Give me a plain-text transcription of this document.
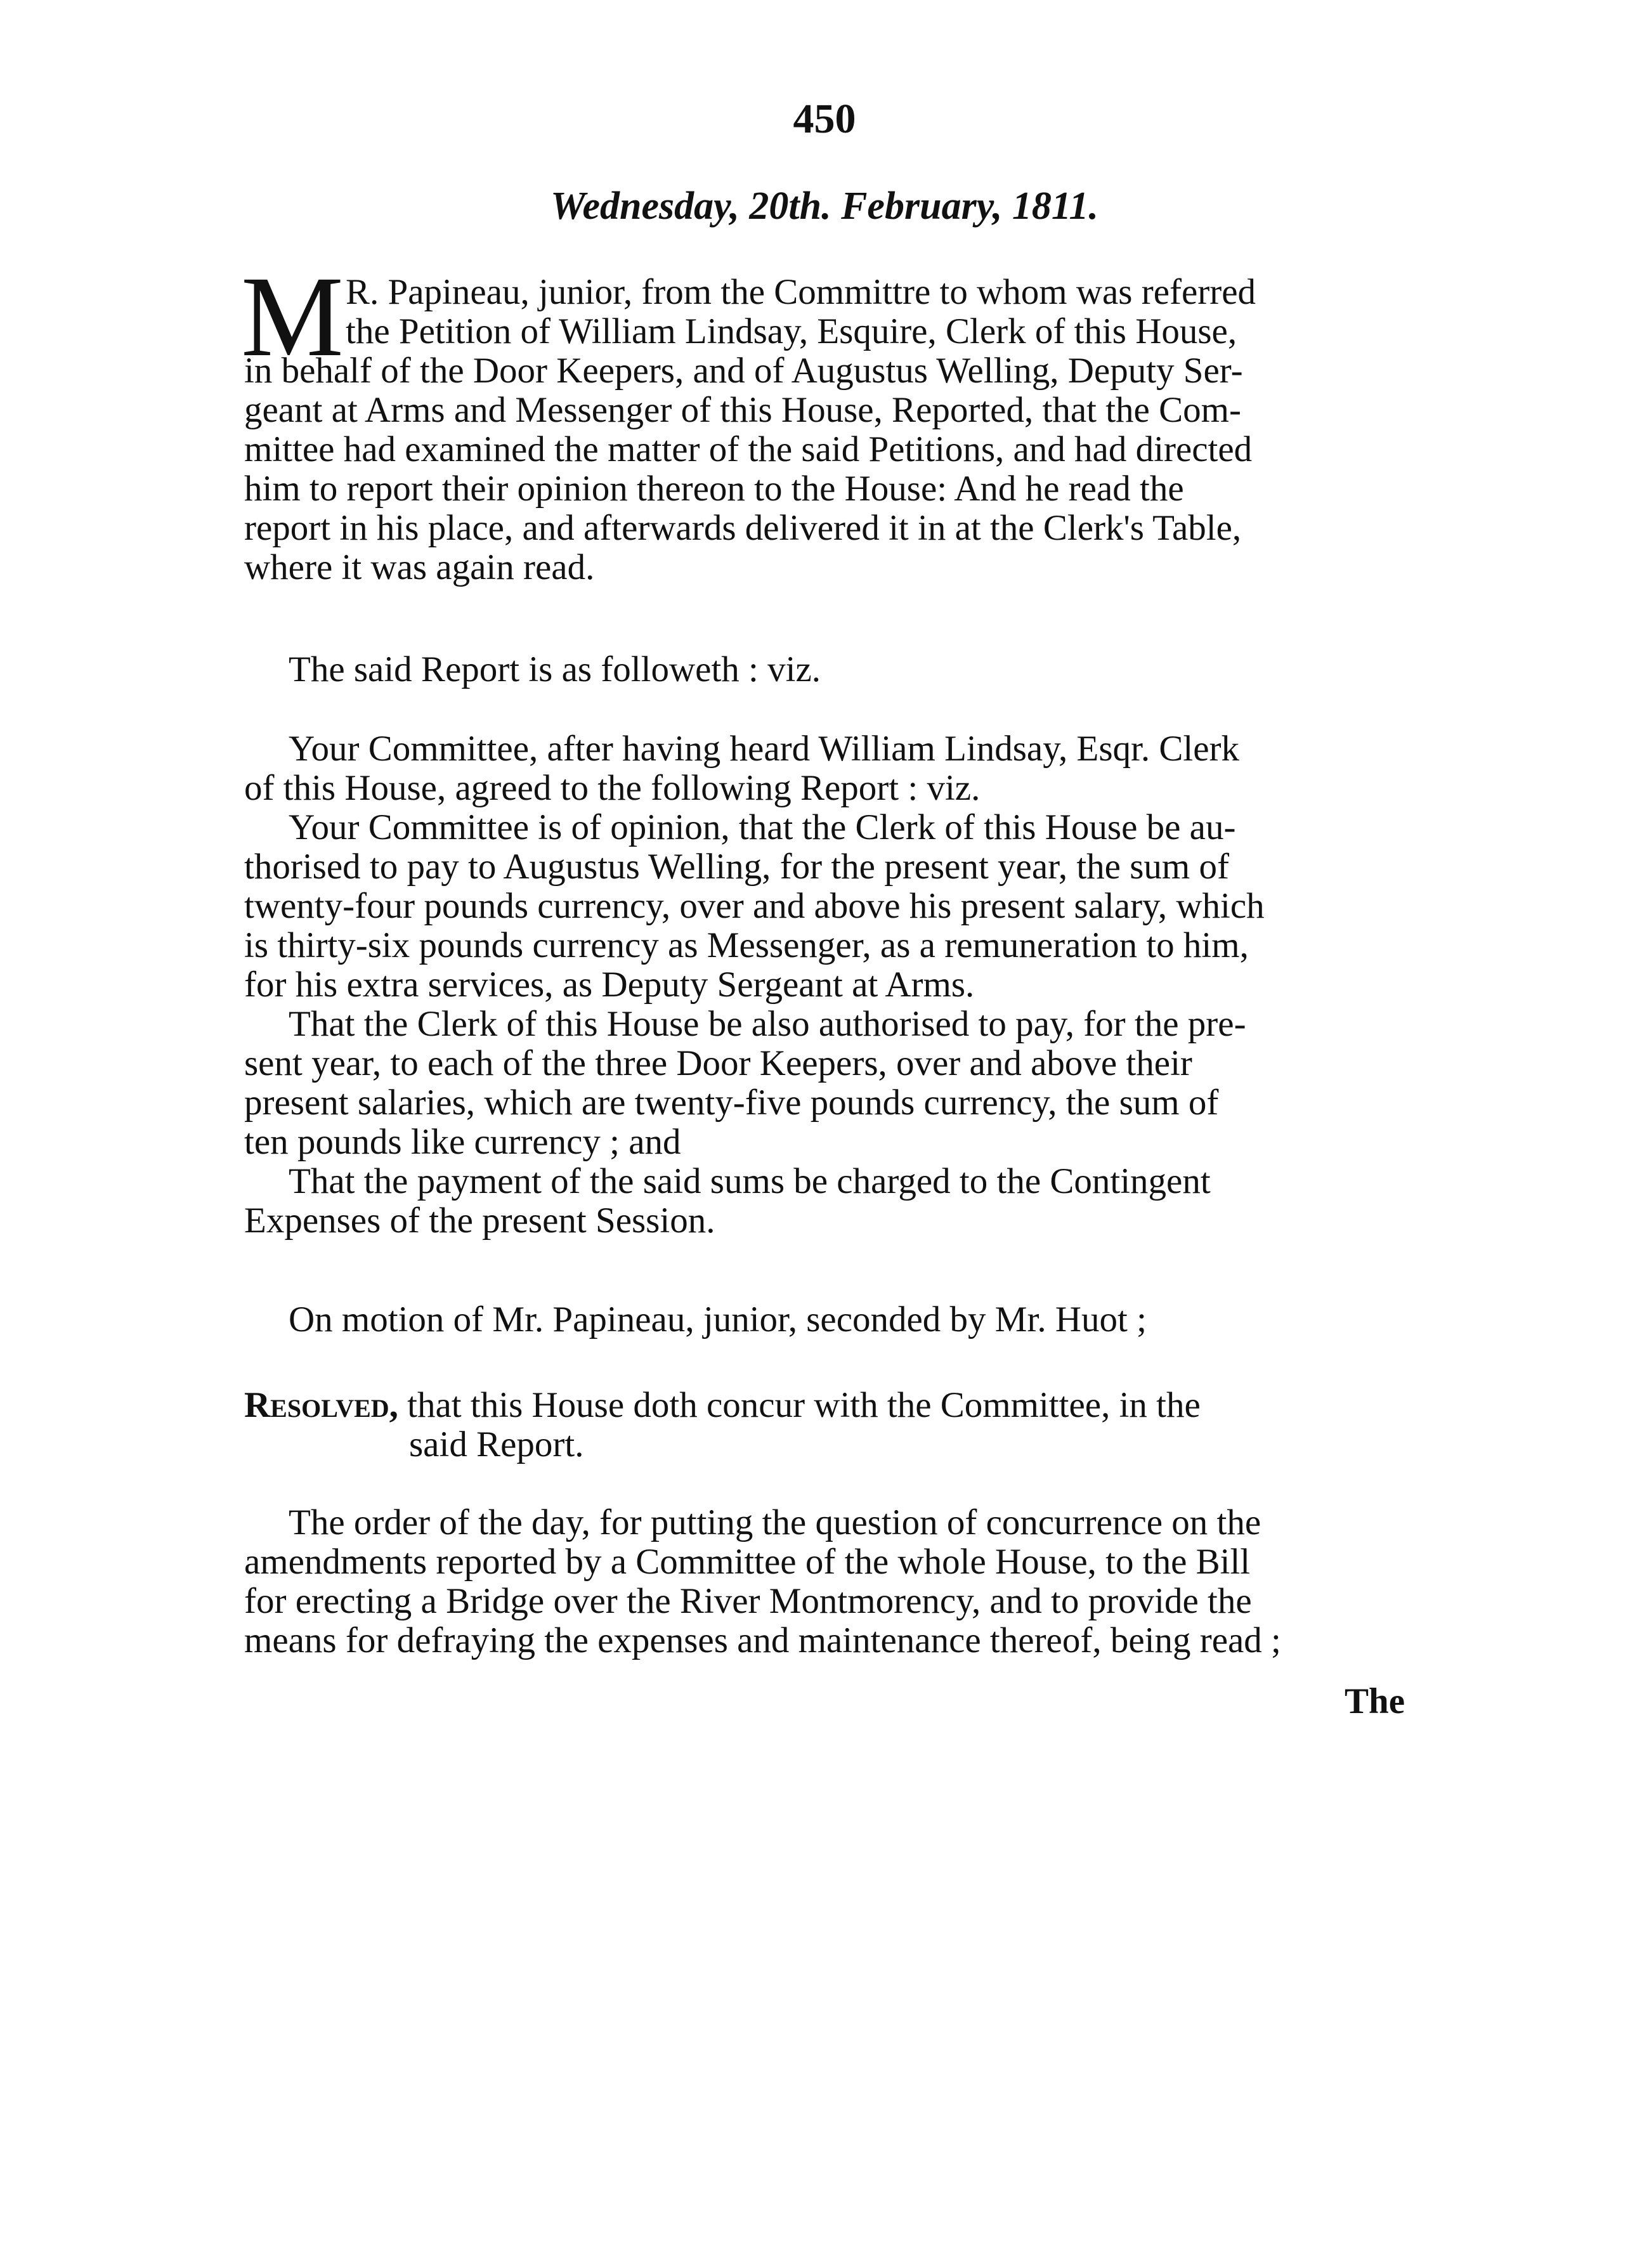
450
Wednesday, 20th. February, 1811.
M R. Papineau, junior, from the Committre to whom was referred
the Petition of William Lindsay, Esquire, Clerk of this House,
in behalf of the Door Keepers, and of Augustus Welling, Deputy Ser-
geant at Arms and Messenger of this House, Reported, that the Com-
mittee had examined the matter of the said Petitions, and had directed
him to report their opinion thereon to the House: And he read the
report in his place, and afterwards delivered it in at the Clerk's Table,
where it was again read.
The said Report is as followeth : viz.
Your Committee, after having heard William Lindsay, Esqr. Clerk
of this House, agreed to the following Report : viz.
Your Committee is of opinion, that the Clerk of this House be au-
thorised to pay to Augustus Welling, for the present year, the sum of
twenty-four pounds currency, over and above his present salary, which
is thirty-six pounds currency as Messenger, as a remuneration to him,
for his extra services, as Deputy Sergeant at Arms.
That the Clerk of this House be also authorised to pay, for the pre-
sent year, to each of the three Door Keepers, over and above their
present salaries, which are twenty-five pounds currency, the sum of
ten pounds like currency ; and
That the payment of the said sums be charged to the Contingent
Expenses of the present Session.
On motion of Mr. Papineau, junior, seconded by Mr. Huot ;
Resolved, that this House doth concur with the Committee, in the
said Report.
The order of the day, for putting the question of concurrence on the
amendments reported by a Committee of the whole House, to the Bill
for erecting a Bridge over the River Montmorency, and to provide the
means for defraying the expenses and maintenance thereof, being read ;
The
